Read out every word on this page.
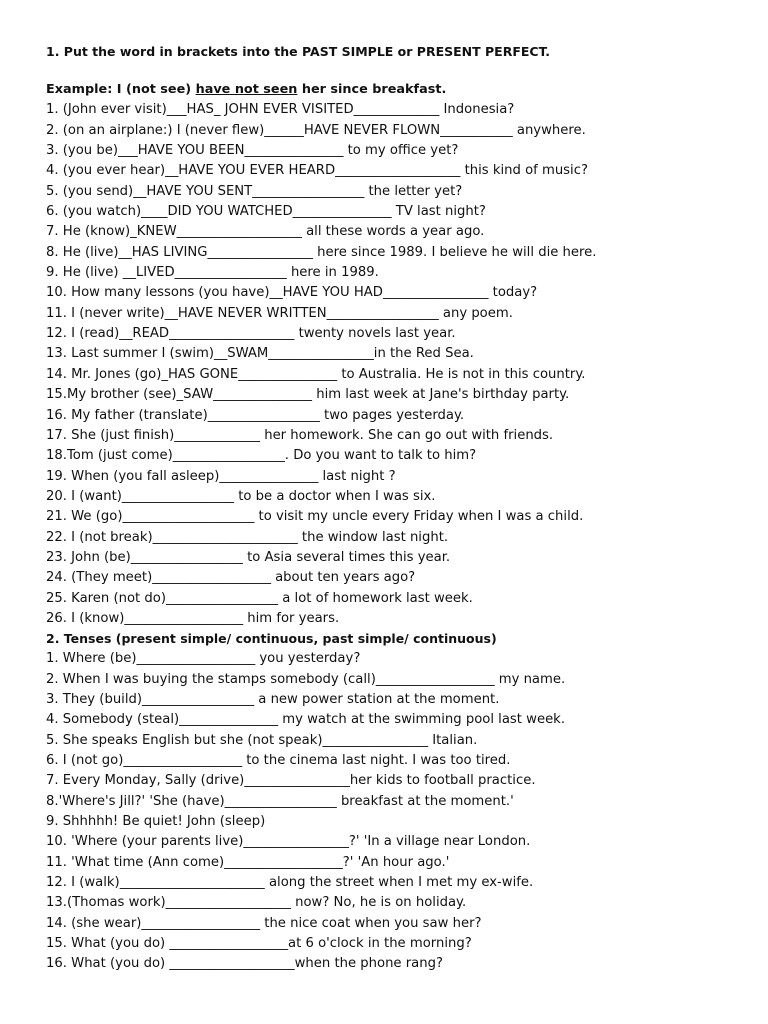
1. Put the word in brackets into the PAST SIMPLE or PRESENT PERFECT.
Example: I (not see) have not seen her since breakfast.
1. (John ever visit)___HAS_ JOHN EVER VISITED_____________ Indonesia?
2. (on an airplane:) I (never flew)______HAVE NEVER FLOWN___________ anywhere.
3. (you be)___HAVE YOU BEEN_______________ to my office yet?
4. (you ever hear)__HAVE YOU EVER HEARD___________________ this kind of music?
5. (you send)__HAVE YOU SENT_________________ the letter yet?
6. (you watch)____DID YOU WATCHED_______________ TV last night?
7. He (know)_KNEW___________________ all these words a year ago.
8. He (live)__HAS LIVING________________ here since 1989. I believe he will die here.
9. He (live) __LIVED_________________ here in 1989.
10. How many lessons (you have)__HAVE YOU HAD________________ today?
11. I (never write)__HAVE NEVER WRITTEN_________________ any poem.
12. I (read)__READ___________________ twenty novels last year.
13. Last summer I (swim)__SWAM________________in the Red Sea.
14. Mr. Jones (go)_HAS GONE_______________ to Australia. He is not in this country.
15.My brother (see)_SAW_______________ him last week at Jane's birthday party.
16. My father (translate)_________________ two pages yesterday.
17. She (just finish)_____________ her homework. She can go out with friends.
18.Tom (just come)_________________. Do you want to talk to him?
19. When (you fall asleep)_______________ last night ?
20. I (want)_________________ to be a doctor when I was six.
21. We (go)____________________ to visit my uncle every Friday when I was a child.
22. I (not break)______________________ the window last night.
23. John (be)_________________ to Asia several times this year.
24. (They meet)__________________ about ten years ago?
25. Karen (not do)_________________ a lot of homework last week.
26. I (know)__________________ him for years.
2. Tenses (present simple/ continuous, past simple/ continuous)
1. Where (be)__________________ you yesterday?
2. When I was buying the stamps somebody (call)__________________ my name.
3. They (build)_________________ a new power station at the moment.
4. Somebody (steal)_______________ my watch at the swimming pool last week.
5. She speaks English but she (not speak)________________ Italian.
6. I (not go)__________________ to the cinema last night. I was too tired.
7. Every Monday, Sally (drive)________________her kids to football practice.
8.'Where's Jill?' 'She (have)_________________ breakfast at the moment.'
9. Shhhhh! Be quiet! John (sleep)
10. 'Where (your parents live)________________?' 'In a village near London.
11. 'What time (Ann come)__________________?' 'An hour ago.'
12. I (walk)______________________ along the street when I met my ex-wife.
13.(Thomas work)___________________ now? No, he is on holiday.
14. (she wear)__________________ the nice coat when you saw her?
15. What (you do) __________________at 6 o'clock in the morning?
16. What (you do) ___________________when the phone rang?
